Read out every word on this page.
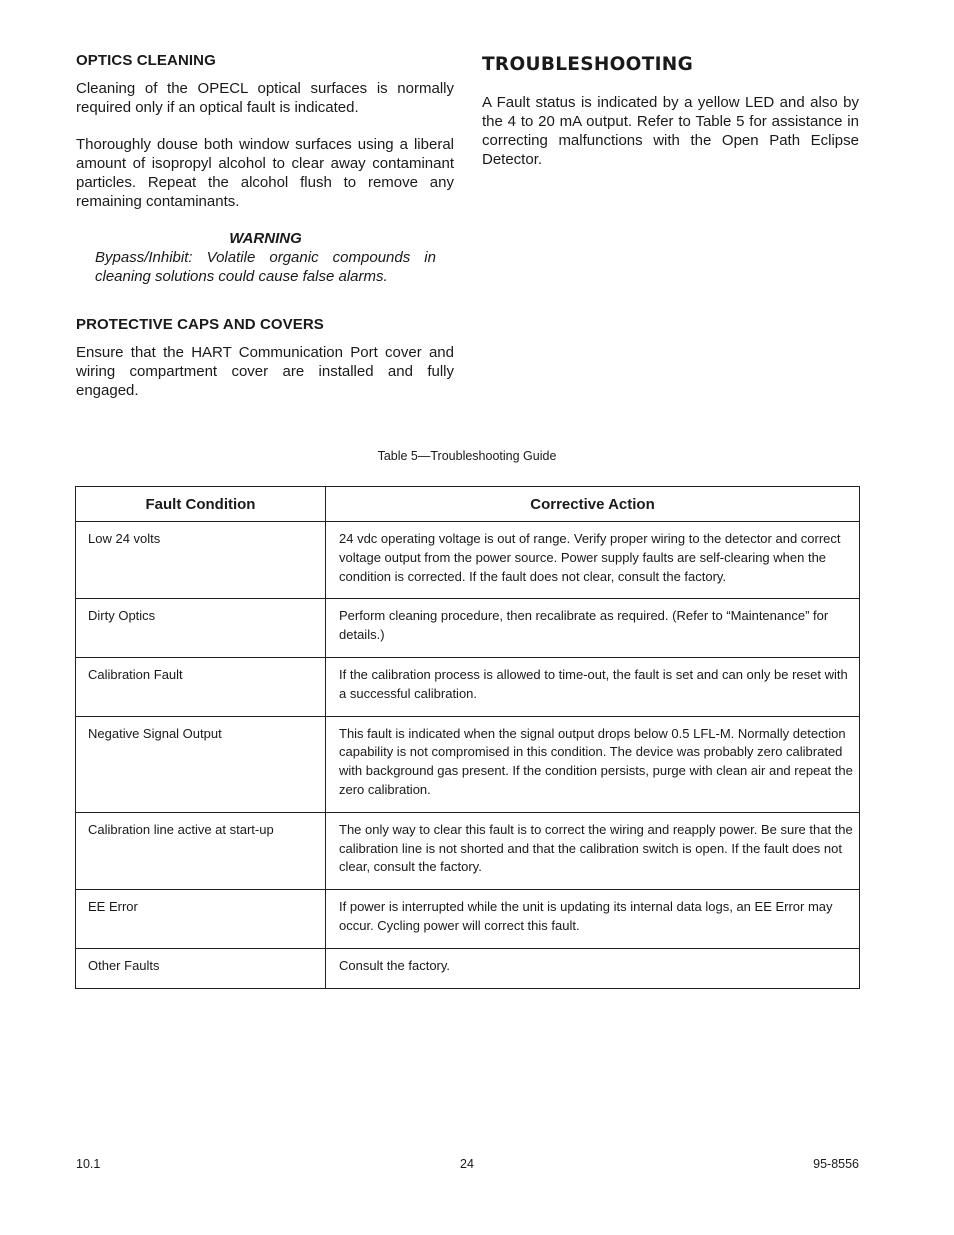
OPTICS CLEANING

Cleaning of the OPECL optical surfaces is normally required only if an optical fault is indicated.

Thoroughly douse both window surfaces using a liberal amount of isopropyl alcohol to clear away contaminant particles. Repeat the alcohol flush to remove any remaining contaminants.

WARNING

Bypass/Inhibit: Volatile organic compounds in cleaning solutions could cause false alarms.

PROTECTIVE CAPS AND COVERS

Ensure that the HART Communication Port cover and wiring compartment cover are installed and fully engaged.

TROUBLESHOOTING

A Fault status is indicated by a yellow LED and also by the 4 to 20 mA output. Refer to Table 5 for assistance in correcting malfunctions with the Open Path Eclipse Detector.

Table 5—Troubleshooting Guide
Fault Condition	Corrective Action
Low 24 volts	24 vdc operating voltage is out of range. Verify proper wiring to the detector and correct voltage output from the power source. Power supply faults are self-clearing when the condition is corrected. If the fault does not clear, consult the factory.
Dirty Optics	Perform cleaning procedure, then recalibrate as required. (Refer to “Maintenance” for details.)
Calibration Fault	If the calibration process is allowed to time-out, the fault is set and can only be reset with a successful calibration.
Negative Signal Output	This fault is indicated when the signal output drops below 0.5 LFL-M. Normally detection capability is not compromised in this condition. The device was probably zero calibrated with background gas present. If the condition persists, purge with clean air and repeat the zero calibration.
Calibration line active at start-up	The only way to clear this fault is to correct the wiring and reapply power. Be sure that the calibration line is not shorted and that the calibration switch is open. If the fault does not clear, consult the factory.
EE Error	If power is interrupted while the unit is updating its internal data logs, an EE Error may occur. Cycling power will correct this fault.
Other Faults	Consult the factory.
10.1	24	95-8556
